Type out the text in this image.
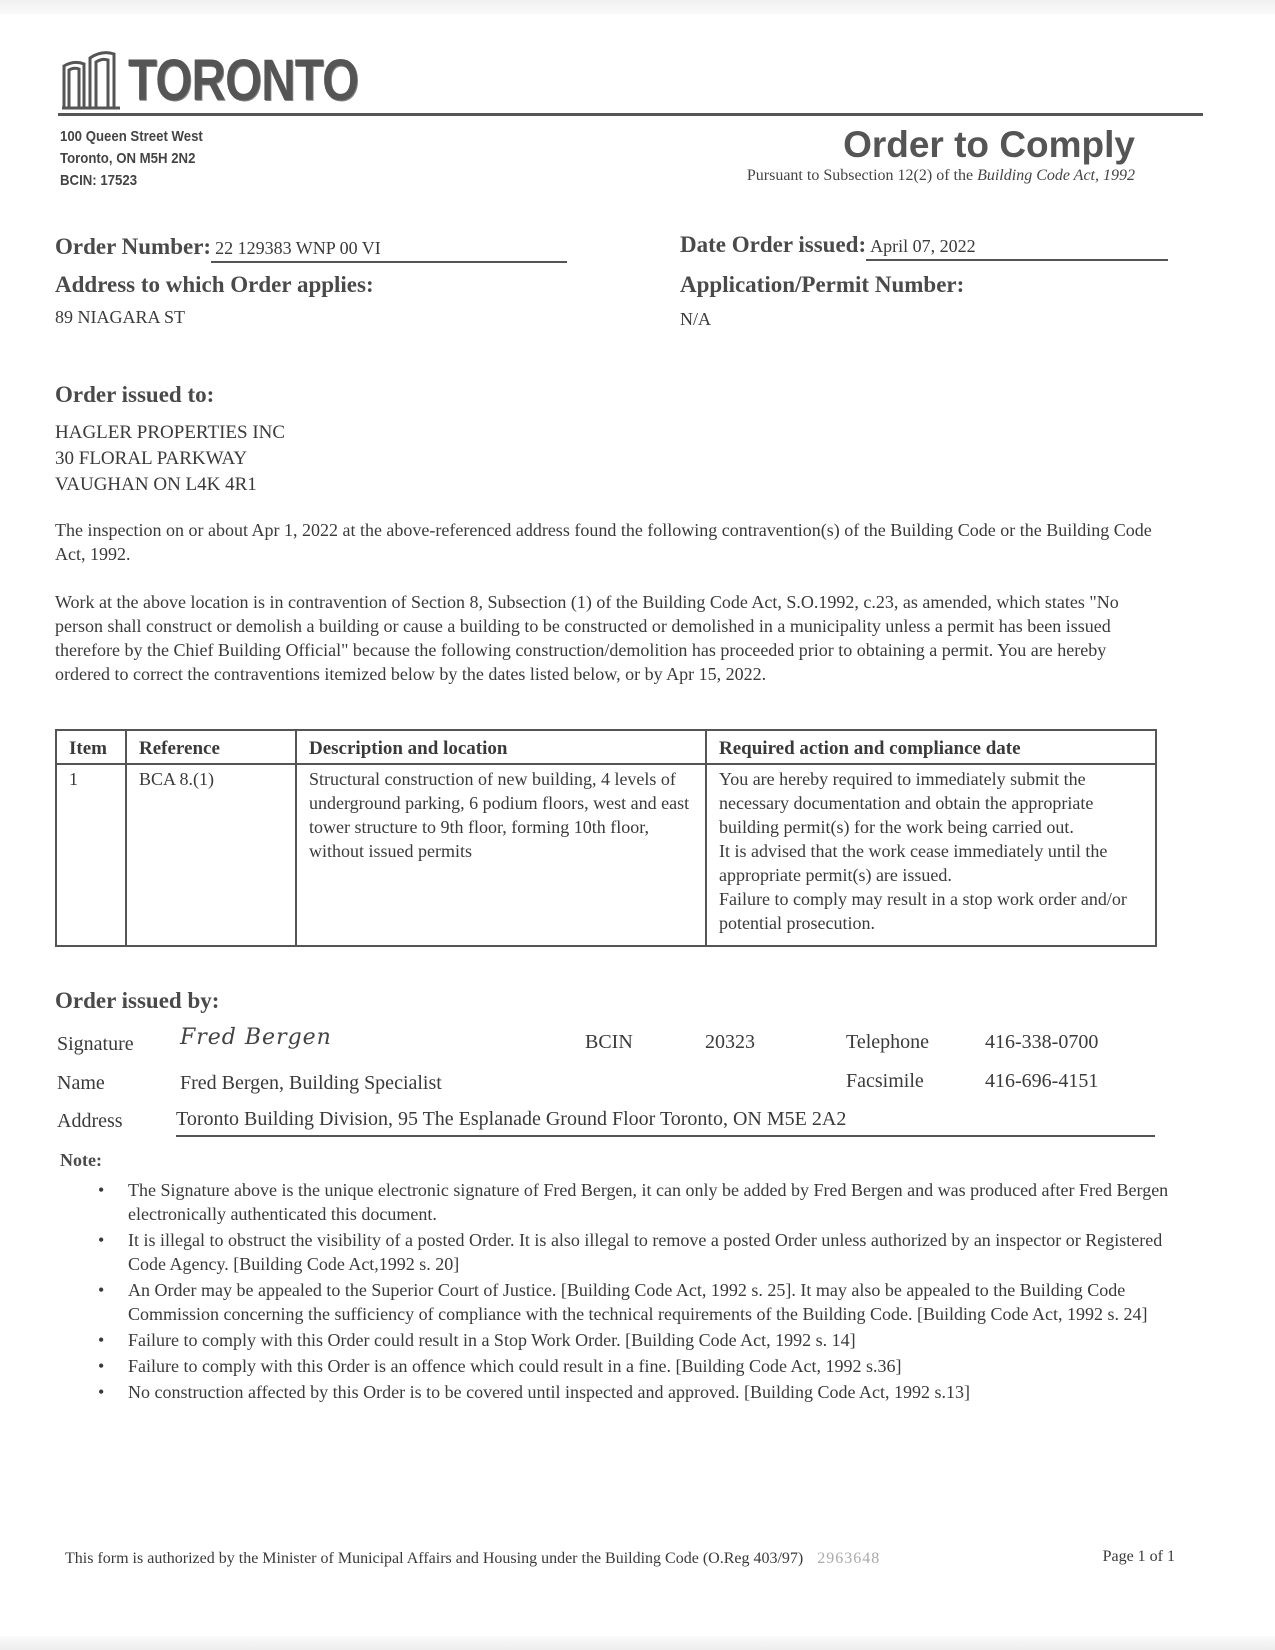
TORONTO
100 Queen Street West
Toronto, ON M5H 2N2
BCIN: 17523
Order to Comply
Pursuant to Subsection 12(2) of the Building Code Act, 1992
Order Number: 22 129383 WNP 00 VI	Date Order issued: April 07, 2022
Address to which Order applies:
89 NIAGARA ST
Application/Permit Number:
N/A
Order issued to:
HAGLER PROPERTIES INC
30 FLORAL PARKWAY
VAUGHAN ON L4K 4R1
The inspection on or about Apr 1, 2022 at the above-referenced address found the following contravention(s) of the Building Code or the Building Code Act, 1992.
Work at the above location is in contravention of Section 8, Subsection (1) of the Building Code Act, S.O.1992, c.23, as amended, which states "No person shall construct or demolish a building or cause a building to be constructed or demolished in a municipality unless a permit has been issued therefore by the Chief Building Official" because the following construction/demolition has proceeded prior to obtaining a permit. You are hereby ordered to correct the contraventions itemized below by the dates listed below, or by Apr 15, 2022.
Item	Reference	Description and location	Required action and compliance date
1	BCA 8.(1)	Structural construction of new building, 4 levels of underground parking, 6 podium floors, west and east tower structure to 9th floor, forming 10th floor, without issued permits	You are hereby required to immediately submit the necessary documentation and obtain the appropriate building permit(s) for the work being carried out.

It is advised that the work cease immediately until the appropriate permit(s) are issued.

Failure to comply may result in a stop work order and/or potential prosecution.

Order issued by:
Signature Fred Bergen	BCIN	20323	Telephone	416-338-0700
Name	Fred Bergen, Building Specialist	Facsimile	416-696-4151
Address	Toronto Building Division, 95 The Esplanade Ground Floor Toronto, ON M5E 2A2
Note:
• The Signature above is the unique electronic signature of Fred Bergen, it can only be added by Fred Bergen and was produced after Fred Bergen electronically authenticated this document.
• It is illegal to obstruct the visibility of a posted Order. It is also illegal to remove a posted Order unless authorized by an inspector or Registered Code Agency. [Building Code Act,1992 s. 20]
• An Order may be appealed to the Superior Court of Justice. [Building Code Act, 1992 s. 25]. It may also be appealed to the Building Code Commission concerning the sufficiency of compliance with the technical requirements of the Building Code. [Building Code Act, 1992 s. 24]
• Failure to comply with this Order could result in a Stop Work Order. [Building Code Act, 1992 s. 14]
• Failure to comply with this Order is an offence which could result in a fine. [Building Code Act, 1992 s.36]
• No construction affected by this Order is to be covered until inspected and approved. [Building Code Act, 1992 s.13]
This form is authorized by the Minister of Municipal Affairs and Housing under the Building Code (O.Reg 403/97) 2963648	Page 1 of 1
